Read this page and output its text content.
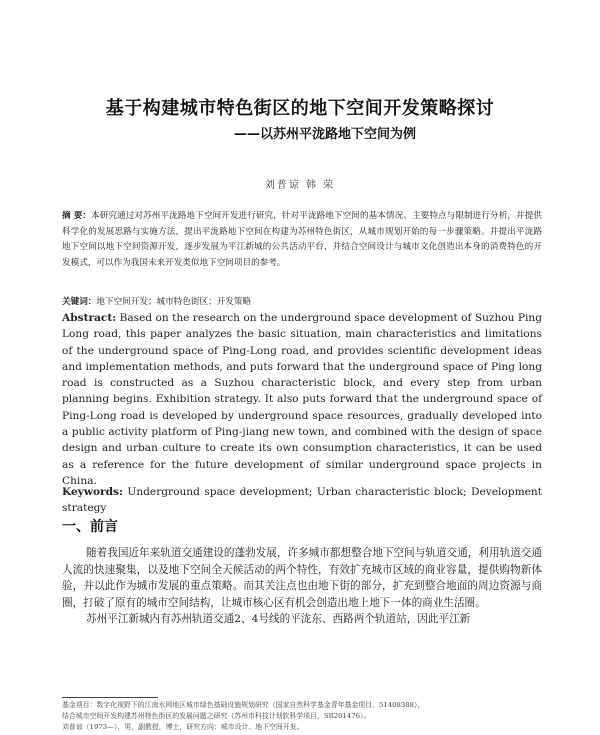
基于构建城市特色街区的地下空间开发策略探讨
——以苏州平泷路地下空间为例
刘普谅 韩 荣
摘 要：本研究通过对苏州平泷路地下空间开发进行研究，针对平泷路地下空间的基本情况、主要特点与限制进行分析，并提供科学化的发展思路与实施方法，提出平泷路地下空间在构建为苏州特色街区，从城市规划开始的每一步骤策略。并提出平泷路地下空间以地下空间资源开发，逐步发展为平江新城的公共活动平台，并结合空间设计与城市文化创造出本身的消费特色的开发模式，可以作为我国未来开发类似地下空间项目的参考。
关键词：地下空间开发；城市特色街区；开发策略
Abstract: Based on the research on the underground space development of Suzhou Ping Long road, this paper analyzes the basic situation, main characteristics and limitations of the underground space of Ping-Long road, and provides scientific development ideas and implementation methods, and puts forward that the underground space of Ping long road is constructed as a Suzhou characteristic block, and every step from urban planning begins. Exhibition strategy. It also puts forward that the underground space of Ping-Long road is developed by underground space resources, gradually developed into a public activity platform of Ping-jiang new town, and combined with the design of space design and urban culture to create its own consumption characteristics, it can be used as a reference for the future development of similar underground space projects in China.
Keywords: Underground space development; Urban characteristic block; Development strategy
一、前言
随着我国近年来轨道交通建设的蓬勃发展，许多城市都想整合地下空间与轨道交通，利用轨道交通人流的快速聚集，以及地下空间全天候活动的两个特性，有效扩充城市区域的商业容量，提供购物新体验，并以此作为城市发展的重点策略。而其关注点也由地下街的部分，扩充到整合地面的周边资源与商圈，打破了原有的城市空间结构，让城市核心区有机会创造出地上地下一体的商业生活圈。
苏州平江新城内有苏州轨道交通2、4号线的平泷东、西路两个轨道站，因此平江新
基金项目：数字化视野下的江南水网地区城市绿色基础设施规划研究（国家自然科学基金青年基金项目，51408388），
结合城市空间开发构建苏州特色街区的发展问题之研究（苏州市科技计划软科学项目，SR201476）。
刘普谅（1973—），男，副教授，博士，研究方向：城市设计、地下空间开发。
